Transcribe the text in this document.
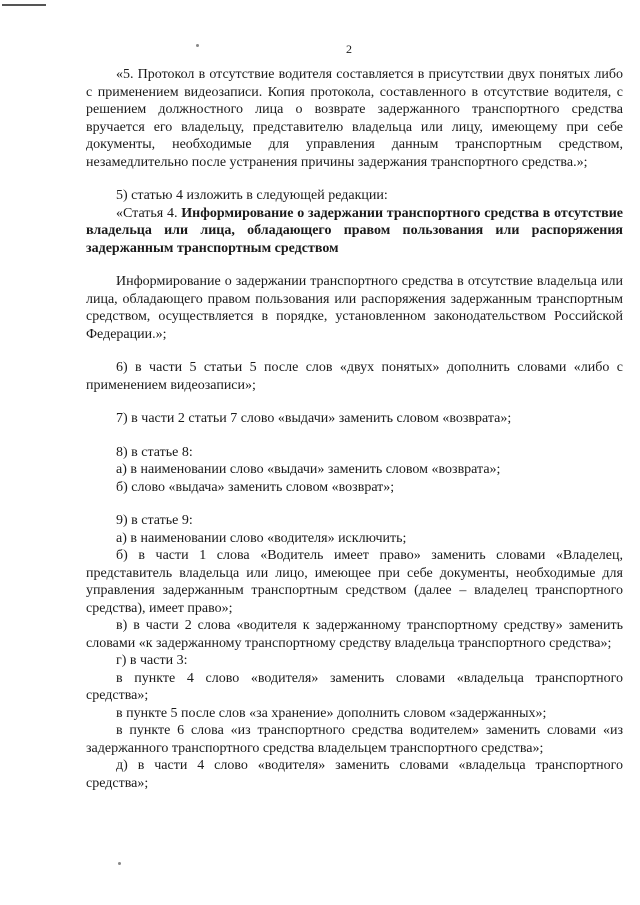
2

«5. Протокол в отсутствие водителя составляется в присутствии двух понятых либо с применением видеозаписи. Копия протокола, составленного в отсутствие водителя, с решением должностного лица о возврате задержанного транспортного средства вручается его владельцу, представителю владельца или лицу, имеющему при себе документы, необходимые для управления данным транспортным средством, незамедлительно после устранения причины задержания транспортного средства.»;

5) статью 4 изложить в следующей редакции:

«Статья 4. Информирование о задержании транспортного средства в отсутствие владельца или лица, обладающего правом пользования или распоряжения задержанным транспортным средством

Информирование о задержании транспортного средства в отсутствие владельца или лица, обладающего правом пользования или распоряжения задержанным транспортным средством, осуществляется в порядке, установленном законодательством Российской Федерации.»;

6) в части 5 статьи 5 после слов «двух понятых» дополнить словами «либо с применением видеозаписи»;

7) в части 2 статьи 7 слово «выдачи» заменить словом «возврата»;

8) в статье 8:

а) в наименовании слово «выдачи» заменить словом «возврата»;

б) слово «выдача» заменить словом «возврат»;

9) в статье 9:

а) в наименовании слово «водителя» исключить;

б) в части 1 слова «Водитель имеет право» заменить словами «Владелец, представитель владельца или лицо, имеющее при себе документы, необходимые для управления задержанным транспортным средством (далее – владелец транспортного средства), имеет право»;

в) в части 2 слова «водителя к задержанному транспортному средству» заменить словами «к задержанному транспортному средству владельца транспортного средства»;

г) в части 3:

в пункте 4 слово «водителя» заменить словами «владельца транспортного средства»;

в пункте 5 после слов «за хранение» дополнить словом «задержанных»;

в пункте 6 слова «из транспортного средства водителем» заменить словами «из задержанного транспортного средства владельцем транспортного средства»;

д) в части 4 слово «водителя» заменить словами «владельца транспортного средства»;
